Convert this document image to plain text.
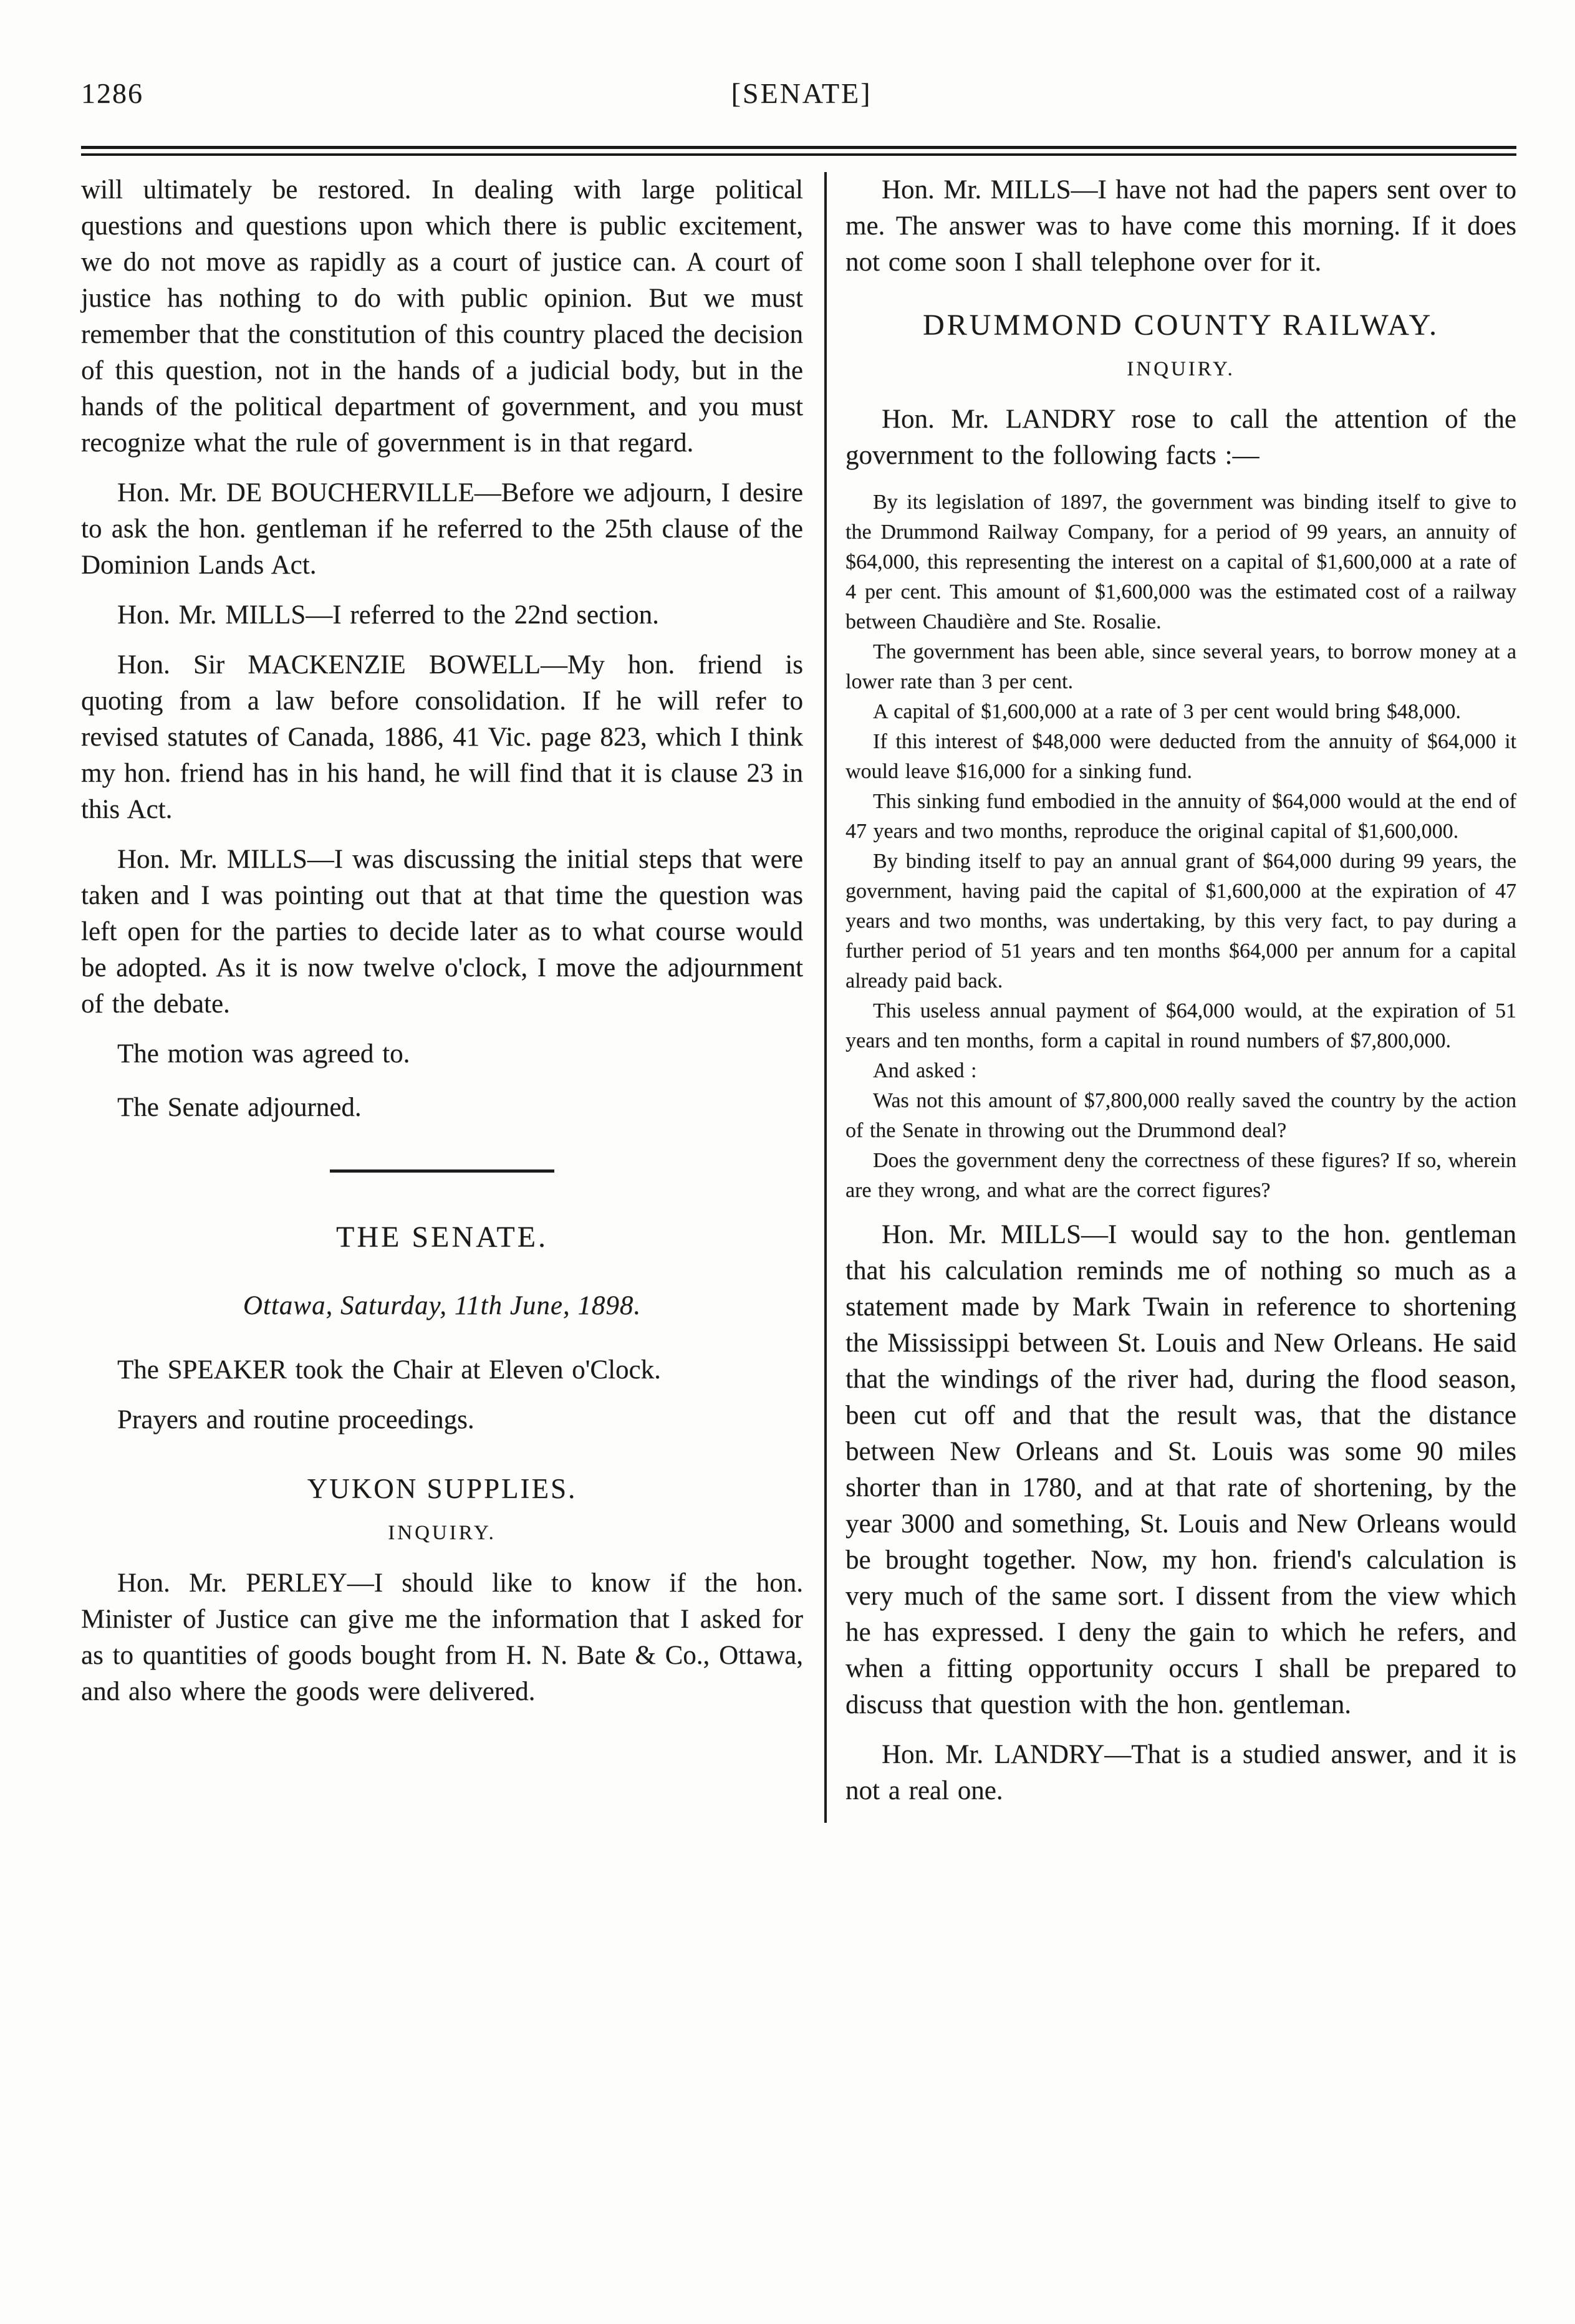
1286	[SENATE]

will ultimately be restored. In dealing with large political questions and questions upon which there is public excitement, we do not move as rapidly as a court of justice can. A court of justice has nothing to do with public opinion. But we must remember that the constitution of this country placed the decision of this question, not in the hands of a judicial body, but in the hands of the political department of government, and you must recognize what the rule of government is in that regard.

Hon. Mr. DE BOUCHERVILLE—Before we adjourn, I desire to ask the hon. gentleman if he referred to the 25th clause of the Dominion Lands Act.

Hon. Mr. MILLS—I referred to the 22nd section.

Hon. Sir MACKENZIE BOWELL—My hon. friend is quoting from a law before consolidation. If he will refer to revised statutes of Canada, 1886, 41 Vic. page 823, which I think my hon. friend has in his hand, he will find that it is clause 23 in this Act.

Hon. Mr. MILLS—I was discussing the initial steps that were taken and I was pointing out that at that time the question was left open for the parties to decide later as to what course would be adopted. As it is now twelve o'clock, I move the adjournment of the debate.

The motion was agreed to.

The Senate adjourned.

THE SENATE.

Ottawa, Saturday, 11th June, 1898.

The SPEAKER took the Chair at Eleven o'Clock.

Prayers and routine proceedings.

YUKON SUPPLIES.
INQUIRY.

Hon. Mr. PERLEY—I should like to know if the hon. Minister of Justice can give me the information that I asked for as to quantities of goods bought from H. N. Bate & Co., Ottawa, and also where the goods were delivered.

Hon. Mr. MILLS—I have not had the papers sent over to me. The answer was to have come this morning. If it does not come soon I shall telephone over for it.

DRUMMOND COUNTY RAILWAY.
INQUIRY.

Hon. Mr. LANDRY rose to call the attention of the government to the following facts :—

By its legislation of 1897, the government was binding itself to give to the Drummond Railway Company, for a period of 99 years, an annuity of $64,000, this representing the interest on a capital of $1,600,000 at a rate of 4 per cent. This amount of $1,600,000 was the estimated cost of a railway between Chaudière and Ste. Rosalie.

The government has been able, since several years, to borrow money at a lower rate than 3 per cent.

A capital of $1,600,000 at a rate of 3 per cent would bring $48,000.

If this interest of $48,000 were deducted from the annuity of $64,000 it would leave $16,000 for a sinking fund.

This sinking fund embodied in the annuity of $64,000 would at the end of 47 years and two months, reproduce the original capital of $1,600,000.

By binding itself to pay an annual grant of $64,000 during 99 years, the government, having paid the capital of $1,600,000 at the expiration of 47 years and two months, was undertaking, by this very fact, to pay during a further period of 51 years and ten months $64,000 per annum for a capital already paid back.

This useless annual payment of $64,000 would, at the expiration of 51 years and ten months, form a capital in round numbers of $7,800,000.

And asked :

Was not this amount of $7,800,000 really saved the country by the action of the Senate in throwing out the Drummond deal?

Does the government deny the correctness of these figures? If so, wherein are they wrong, and what are the correct figures?

Hon. Mr. MILLS—I would say to the hon. gentleman that his calculation reminds me of nothing so much as a statement made by Mark Twain in reference to shortening the Mississippi between St. Louis and New Orleans. He said that the windings of the river had, during the flood season, been cut off and that the result was, that the distance between New Orleans and St. Louis was some 90 miles shorter than in 1780, and at that rate of shortening, by the year 3000 and something, St. Louis and New Orleans would be brought together. Now, my hon. friend's calculation is very much of the same sort. I dissent from the view which he has expressed. I deny the gain to which he refers, and when a fitting opportunity occurs I shall be prepared to discuss that question with the hon. gentleman.

Hon. Mr. LANDRY—That is a studied answer, and it is not a real one.
